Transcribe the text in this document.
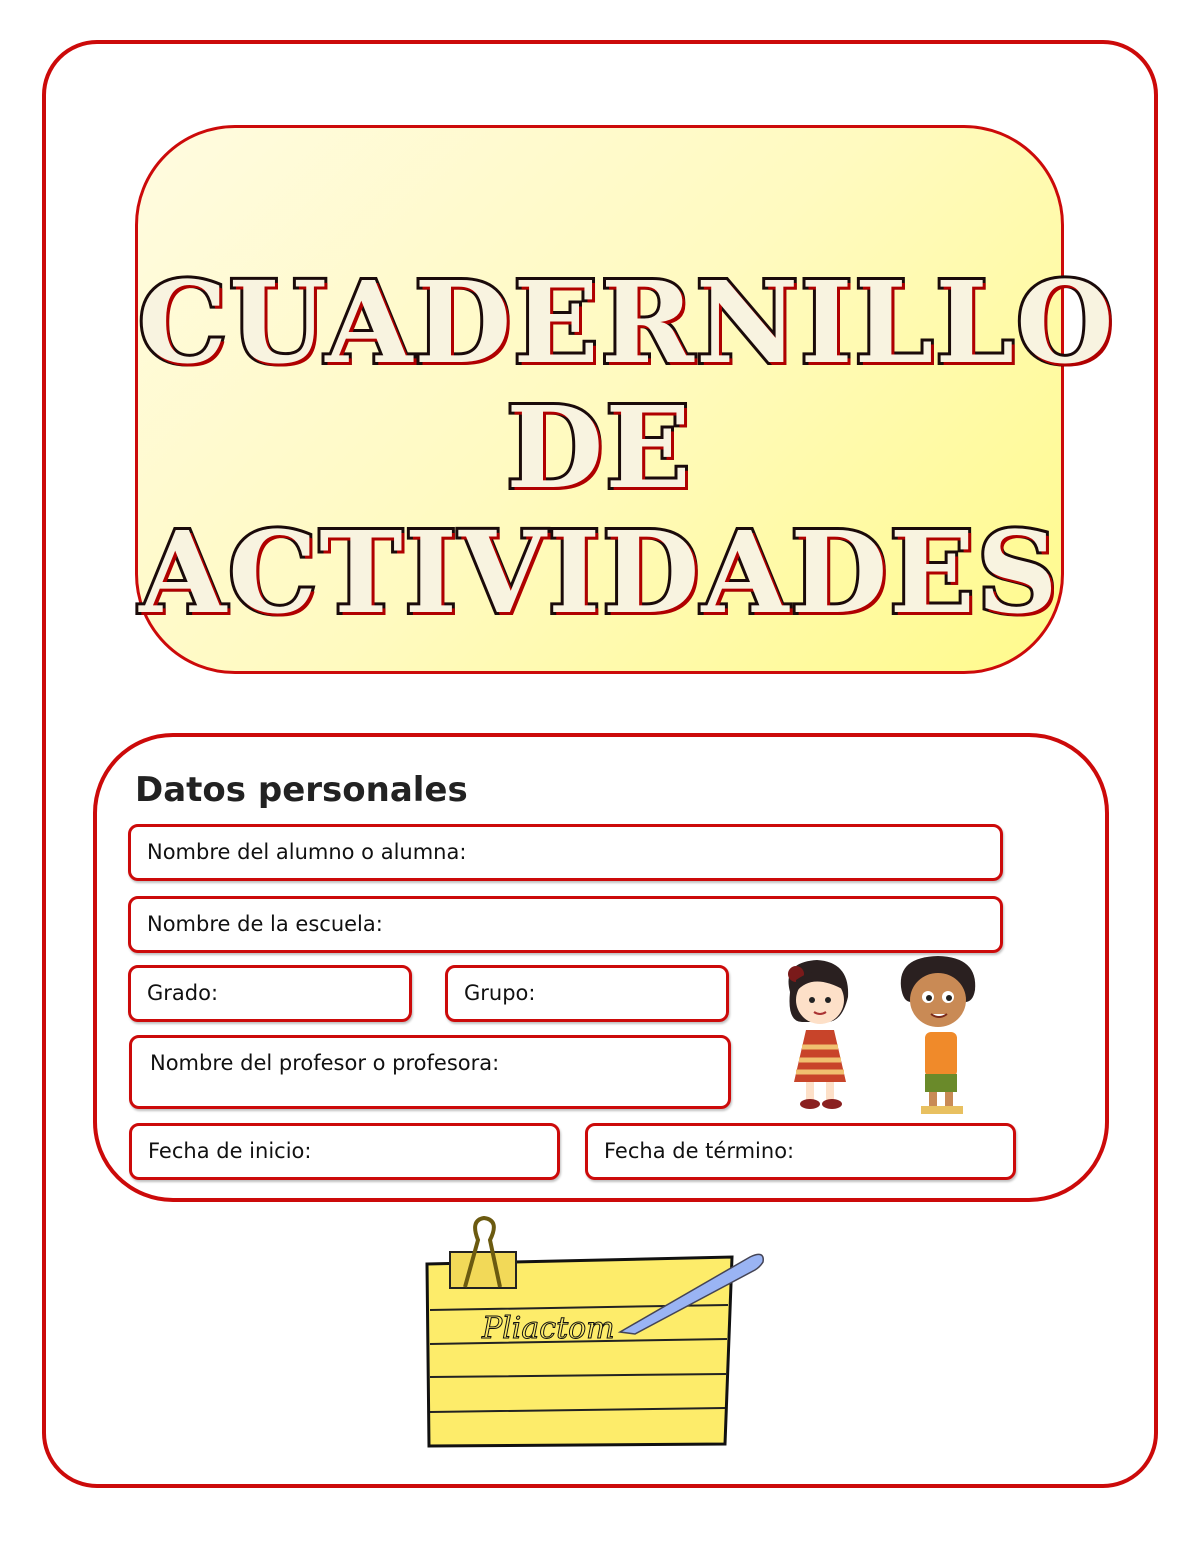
CUADERNILLO
DE
ACTIVIDADES
Datos personales
Nombre del alumno o alumna:
Nombre de la escuela:
Grado:	Grupo:
Nombre del profesor o profesora:
Fecha de inicio:	Fecha de término:
Pliactom
